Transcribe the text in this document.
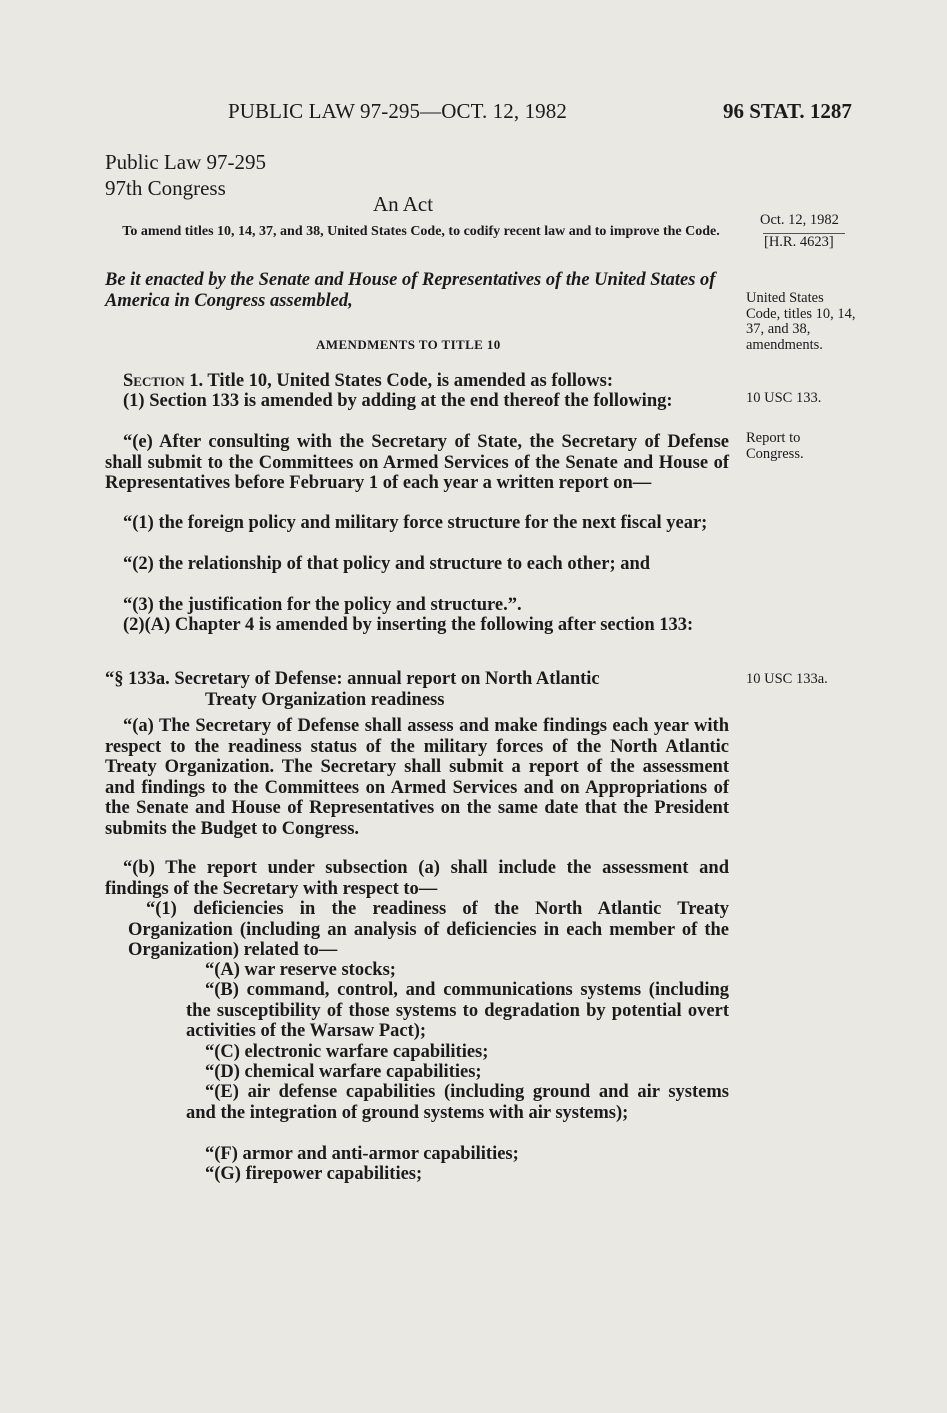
PUBLIC LAW 97-295—OCT. 12, 1982	96 STAT. 1287
Public Law 97-295
97th Congress
An Act
To amend titles 10, 14, 37, and 38, United States Code, to codify recent law and to improve the Code.
Oct. 12, 1982
[H.R. 4623]
Be it enacted by the Senate and House of Representatives of the United States of America in Congress assembled,	United States Code, titles 10, 14, 37, and 38, amendments.
AMENDMENTS TO TITLE 10

Section 1. Title 10, United States Code, is amended as follows:

(1) Section 133 is amended by adding at the end thereof the following:	10 USC 133.

“(e) After consulting with the Secretary of State, the Secretary of Defense shall submit to the Committees on Armed Services of the Senate and House of Representatives before February 1 of each year a written report on—

Report to Congress.

“(1) the foreign policy and military force structure for the next fiscal year;

“(2) the relationship of that policy and structure to each other; and

“(3) the justification for the policy and structure.”.

(2)(A) Chapter 4 is amended by inserting the following after section 133:

“§ 133a. Secretary of Defense: annual report on North Atlantic
Treaty Organization readiness
10 USC 133a.

“(a) The Secretary of Defense shall assess and make findings each year with respect to the readiness status of the military forces of the North Atlantic Treaty Organization. The Secretary shall submit a report of the assessment and findings to the Committees on Armed Services and on Appropriations of the Senate and House of Representatives on the same date that the President submits the Budget to Congress.

“(b) The report under subsection (a) shall include the assessment and findings of the Secretary with respect to—

“(1) deficiencies in the readiness of the North Atlantic Treaty Organization (including an analysis of deficiencies in each member of the Organization) related to—

“(A) war reserve stocks;

“(B) command, control, and communications systems (including the susceptibility of those systems to degradation by potential overt activities of the Warsaw Pact);

“(C) electronic warfare capabilities;

“(D) chemical warfare capabilities;

“(E) air defense capabilities (including ground and air systems and the integration of ground systems with air systems);

“(F) armor and anti-armor capabilities;

“(G) firepower capabilities;
